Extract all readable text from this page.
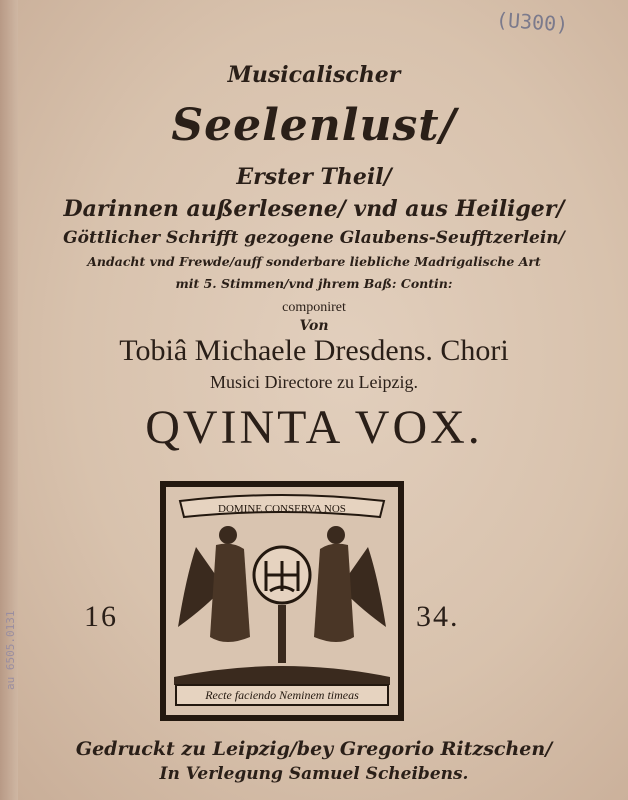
(U300)
au 6505.0131
Musicalischer
Seelenlust/
Erster Theil/
Darinnen außerlesene/ vnd aus Heiliger/
Göttlicher Schrifft gezogene Glaubens-Seufftzerlein/
Andacht vnd Frewde/auff sonderbare liebliche Madrigalische Art
mit 5. Stimmen/vnd jhrem Baß: Contin:
componiret
Von
Tobiâ Michaele Dresdens. Chori
Musici Directore zu Leipzig.
QVINTA VOX.
16	34.
DOMINE CONSERVA NOS
Recte faciendo Neminem timeas
Gedruckt zu Leipzig/bey Gregorio Ritzschen/
In Verlegung Samuel Scheibens.
